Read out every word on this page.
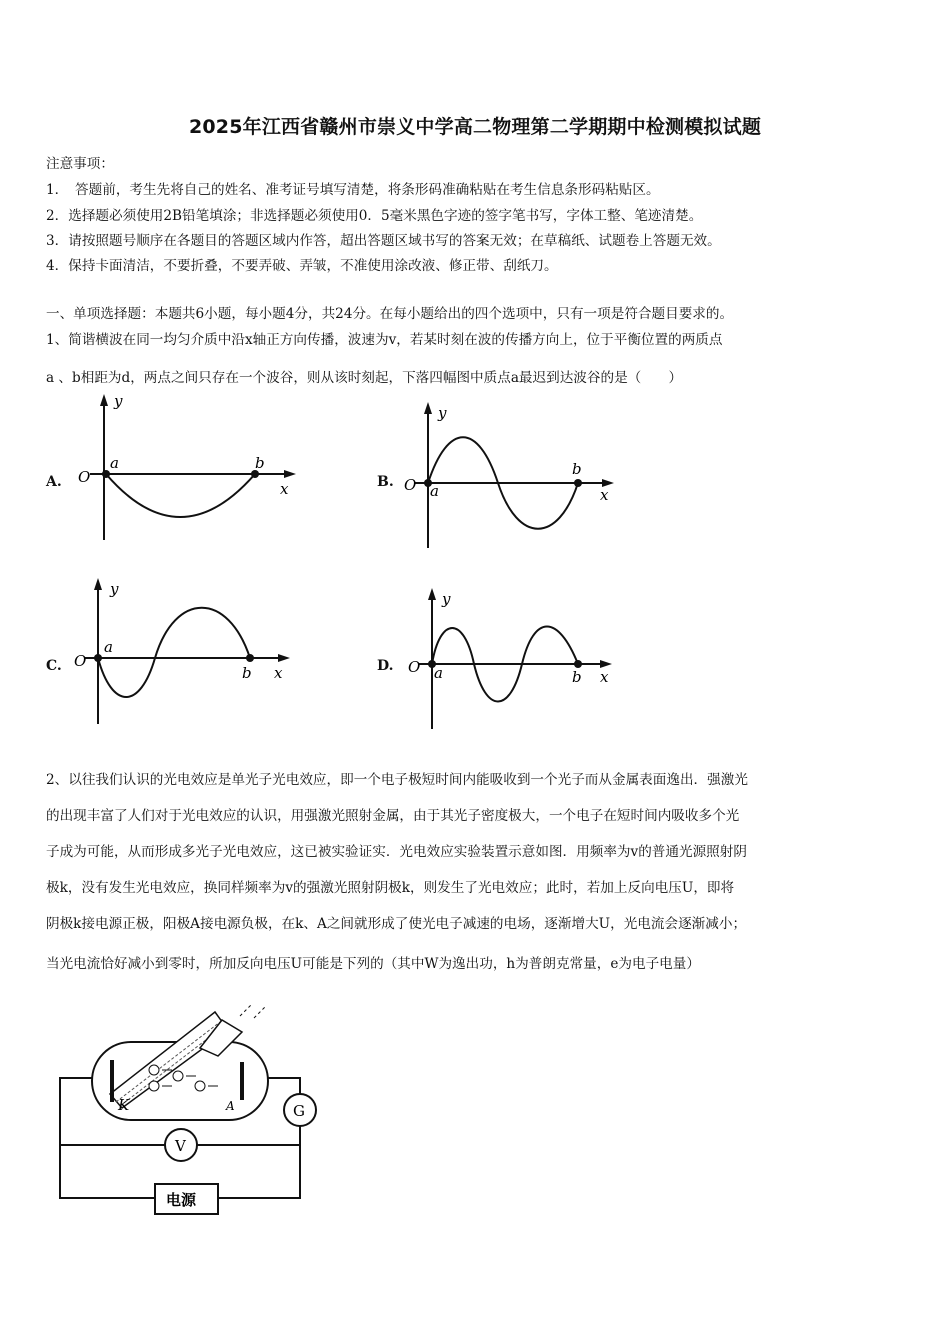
2025年江西省赣州市崇义中学高二物理第二学期期中检测模拟试题
注意事项：
1．　答题前，考生先将自己的姓名、准考证号填写清楚，将条形码准确粘贴在考生信息条形码粘贴区。
2．选择题必须使用2B铅笔填涂；非选择题必须使用0．5毫米黑色字迹的签字笔书写，字体工整、笔迹清楚。
3．请按照题号顺序在各题目的答题区域内作答，超出答题区域书写的答案无效；在草稿纸、试题卷上答题无效。
4．保持卡面清洁，不要折叠，不要弄破、弄皱，不准使用涂改液、修正带、刮纸刀。
一、单项选择题：本题共6小题，每小题4分，共24分。在每小题给出的四个选项中，只有一项是符合题目要求的。
1、简谐横波在同一均匀介质中沿x轴正方向传播，波速为v，若某时刻在波的传播方向上，位于平衡位置的两质点
a 、b相距为d，两点之间只存在一个波谷，则从该时刻起，下落四幅图中质点a最迟到达波谷的是（　　）
A.	B.
C.	D.
y
O
a	b
x
y
O a
b
x
y
O
a
b x
y
O a	b x
2、以往我们认识的光电效应是单光子光电效应，即一个电子极短时间内能吸收到一个光子而从金属表面逸出．强激光
的出现丰富了人们对于光电效应的认识，用强激光照射金属，由于其光子密度极大，一个电子在短时间内吸收多个光
子成为可能，从而形成多光子光电效应，这已被实验证实．光电效应实验装置示意如图．用频率为v的普通光源照射阴
极k，没有发生光电效应，换同样频率为v的强激光照射阴极k，则发生了光电效应；此时，若加上反向电压U，即将
阴极k接电源正极，阳极A接电源负极，在k、A之间就形成了使光电子减速的电场，逐渐增大U，光电流会逐渐减小；
当光电流恰好减小到零时，所加反向电压U可能是下列的（其中W为逸出功，h为普朗克常量，e为电子电量）
V
G
电源
K	A
